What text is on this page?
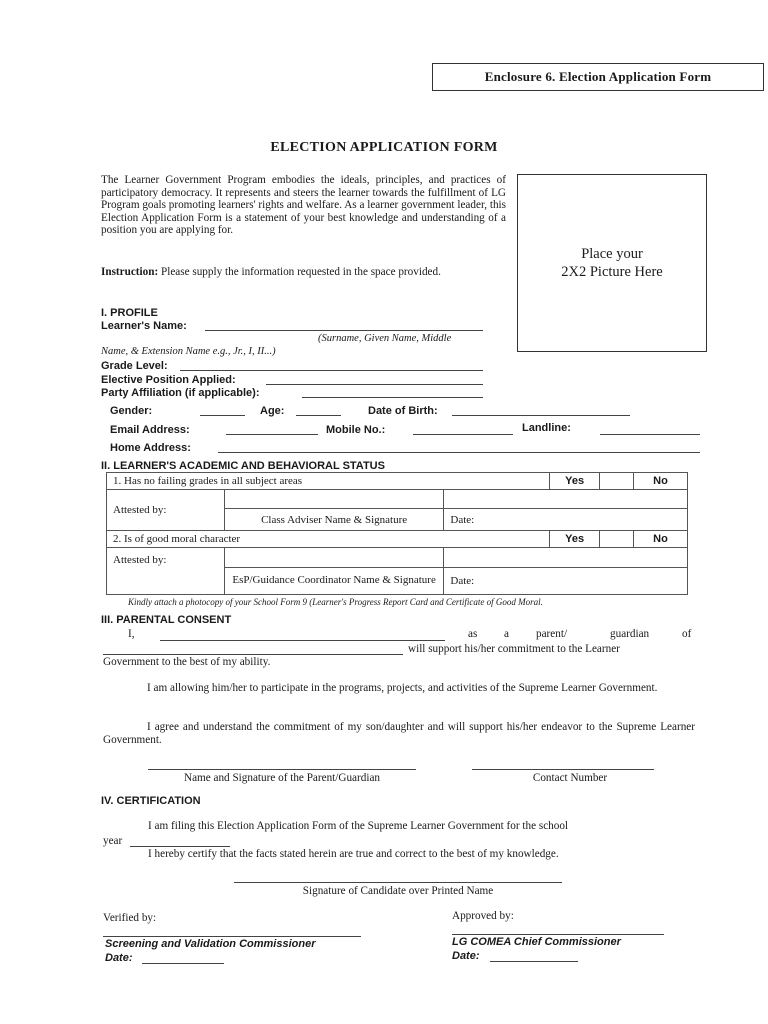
Enclosure 6. Election Application Form
ELECTION APPLICATION FORM
The Learner Government Program embodies the ideals, principles, and practices of participatory democracy. It represents and steers the learner towards the fulfillment of LG Program goals promoting learners' rights and welfare. As a learner government leader, this Election Application Form is a statement of your best knowledge and understanding of a position you are applying for.
Place your
2X2 Picture Here
Instruction: Please supply the information requested in the space provided.
I. PROFILE
Learner's Name:
(Surname, Given Name, Middle
Name, & Extension Name e.g., Jr., I, II...)
Grade Level:
Elective Position Applied:
Party Affiliation (if applicable):
Gender:	Age:	Date of Birth:
Email Address:	Mobile No.:	Landline:
Home Address:
II. LEARNER'S ACADEMIC AND BEHAVIORAL STATUS
1. Has no failing grades in all subject areas			Yes		No
Attested by:					
	Class Adviser Name & Signature	Date:			
2. Is of good moral character			Yes		No
Attested by:					
	EsP/Guidance Coordinator Name & Signature	Date:			
Kindly attach a photocopy of your School Form 9 (Learner's Progress Report Card and Certificate of Good Moral.
III. PARENTAL CONSENT
I,	as a parent/	guardian	of
will support his/her commitment to the Learner
Government to the best of my ability.
I am allowing him/her to participate in the programs, projects, and activities of the Supreme Learner Government.
I agree and understand the commitment of my son/daughter and will support his/her endeavor to the Supreme Learner Government.
Name and Signature of the Parent/Guardian	Contact Number
IV. CERTIFICATION
I am filing this Election Application Form of the Supreme Learner Government for the school
year
I hereby certify that the facts stated herein are true and correct to the best of my knowledge.
Signature of Candidate over Printed Name
Verified by:	Approved by:
Screening and Validation Commissioner
Date:
LG COMEA Chief Commissioner
Date:
